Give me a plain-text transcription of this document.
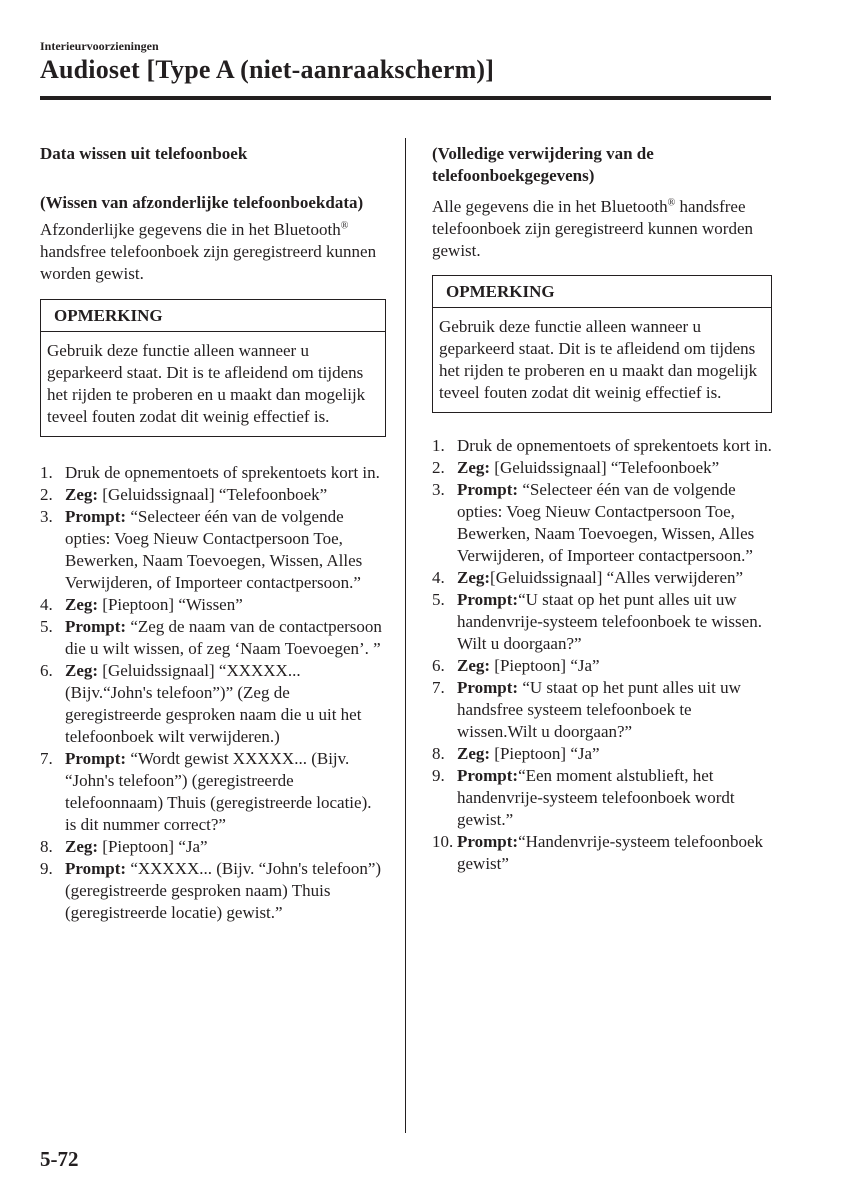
Interieurvoorzieningen
Audioset [Type A (niet-aanraakscherm)]
Data wissen uit telefoonboek
(Wissen van afzonderlijke telefoonboekdata)

Afzonderlijke gegevens die in het Bluetooth® handsfree telefoonboek zijn geregistreerd kunnen worden gewist.

OPMERKING
Gebruik deze functie alleen wanneer u geparkeerd staat. Dit is te afleidend om tijdens het rijden te proberen en u maakt dan mogelijk teveel fouten zodat dit weinig effectief is.
1. Druk de opnementoets of sprekentoets kort in.
2. Zeg: [Geluidssignaal] “Telefoonboek”
3. Prompt: “Selecteer één van de volgende opties: Voeg Nieuw Contactpersoon Toe, Bewerken, Naam Toevoegen, Wissen, Alles Verwijderen, of Importeer contactpersoon.”
4. Zeg: [Pieptoon] “Wissen”
5. Prompt: “Zeg de naam van de contactpersoon die u wilt wissen, of zeg ‘Naam Toevoegen’. ”
6. Zeg: [Geluidssignaal] “XXXXX... (Bijv.“John's telefoon”)” (Zeg de geregistreerde gesproken naam die u uit het telefoonboek wilt verwijderen.)
7. Prompt: “Wordt gewist XXXXX... (Bijv. “John's telefoon”) (geregistreerde telefoonnaam) Thuis (geregistreerde locatie). is dit nummer correct?”
8. Zeg: [Pieptoon] “Ja”
9. Prompt: “XXXXX... (Bijv. “John's telefoon”) (geregistreerde gesproken naam) Thuis (geregistreerde locatie) gewist.”
(Volledige verwijdering van de telefoonboekgegevens)

Alle gegevens die in het Bluetooth® handsfree telefoonboek zijn geregistreerd kunnen worden gewist.

OPMERKING
Gebruik deze functie alleen wanneer u geparkeerd staat. Dit is te afleidend om tijdens het rijden te proberen en u maakt dan mogelijk teveel fouten zodat dit weinig effectief is.
1. Druk de opnementoets of sprekentoets kort in.
2. Zeg: [Geluidssignaal] “Telefoonboek”
3. Prompt: “Selecteer één van de volgende opties: Voeg Nieuw Contactpersoon Toe, Bewerken, Naam Toevoegen, Wissen, Alles Verwijderen, of Importeer contactpersoon.”
4. Zeg:[Geluidssignaal] “Alles verwijderen”
5. Prompt:“U staat op het punt alles uit uw handenvrije-systeem telefoonboek te wissen. Wilt u doorgaan?”
6. Zeg: [Pieptoon] “Ja”
7. Prompt: “U staat op het punt alles uit uw handsfree systeem telefoonboek te wissen.Wilt u doorgaan?”
8. Zeg: [Pieptoon] “Ja”
9. Prompt:“Een moment alstublieft, het handenvrije-systeem telefoonboek wordt gewist.”
10. Prompt:“Handenvrije-systeem telefoonboek gewist”
5-72
